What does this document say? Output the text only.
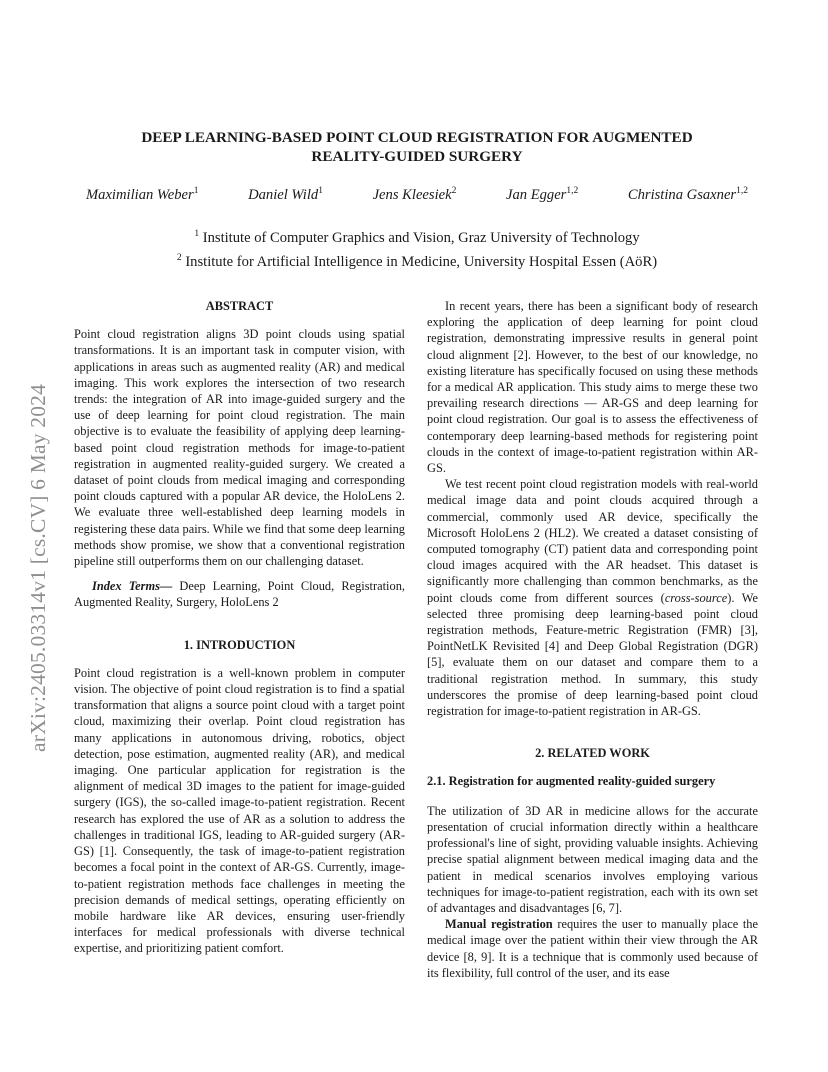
arXiv:2405.03314v1 [cs.CV] 6 May 2024
DEEP LEARNING-BASED POINT CLOUD REGISTRATION FOR AUGMENTED
REALITY-GUIDED SURGERY
Maximilian Weber$^1$	Daniel Wild$^1$	Jens Kleesiek$^2$	Jan Egger$^{1,2}$	Christina Gsaxner$^{1,2}$
$^1$ Institute of Computer Graphics and Vision, Graz University of Technology
$^2$ Institute for Artificial Intelligence in Medicine, University Hospital Essen (AöR)
ABSTRACT

Point cloud registration aligns 3D point clouds using spatial transformations. It is an important task in computer vision, with applications in areas such as augmented reality (AR) and medical imaging. This work explores the intersection of two research trends: the integration of AR into image-guided surgery and the use of deep learning for point cloud registration. The main objective is to evaluate the feasibility of applying deep learning-based point cloud registration methods for image-to-patient registration in augmented reality-guided surgery. We created a dataset of point clouds from medical imaging and corresponding point clouds captured with a popular AR device, the HoloLens 2. We evaluate three well-established deep learning models in registering these data pairs. While we find that some deep learning methods show promise, we show that a conventional registration pipeline still outperforms them on our challenging dataset.

Index Terms— Deep Learning, Point Cloud, Registration, Augmented Reality, Surgery, HoloLens 2

1. INTRODUCTION

Point cloud registration is a well-known problem in computer vision. The objective of point cloud registration is to find a spatial transformation that aligns a source point cloud with a target point cloud, maximizing their overlap. Point cloud registration has many applications in autonomous driving, robotics, object detection, pose estimation, augmented reality (AR), and medical imaging. One particular application for registration is the alignment of medical 3D images to the patient for image-guided surgery (IGS), the so-called image-to-patient registration. Recent research has explored the use of AR as a solution to address the challenges in traditional IGS, leading to AR-guided surgery (AR-GS) [1]. Consequently, the task of image-to-patient registration becomes a focal point in the context of AR-GS. Currently, image-to-patient registration methods face challenges in meeting the precision demands of medical settings, operating efficiently on mobile hardware like AR devices, ensuring user-friendly interfaces for medical professionals with diverse technical expertise, and prioritizing patient comfort.

In recent years, there has been a significant body of research exploring the application of deep learning for point cloud registration, demonstrating impressive results in general point cloud alignment [2]. However, to the best of our knowledge, no existing literature has specifically focused on using these methods for a medical AR application. This study aims to merge these two prevailing research directions — AR-GS and deep learning for point cloud registration. Our goal is to assess the effectiveness of contemporary deep learning-based methods for registering point clouds in the context of image-to-patient registration within AR-GS.

We test recent point cloud registration models with real-world medical image data and point clouds acquired through a commercial, commonly used AR device, specifically the Microsoft HoloLens 2 (HL2). We created a dataset consisting of computed tomography (CT) patient data and corresponding point cloud images acquired with the AR headset. This dataset is significantly more challenging than common benchmarks, as the point clouds come from different sources (cross-source). We selected three promising deep learning-based point cloud registration methods, Feature-metric Registration (FMR) [3], PointNetLK Revisited [4] and Deep Global Registration (DGR) [5], evaluate them on our dataset and compare them to a traditional registration method. In summary, this study underscores the promise of deep learning-based point cloud registration for image-to-patient registration in AR-GS.

2. RELATED WORK
2.1. Registration for augmented reality-guided surgery

The utilization of 3D AR in medicine allows for the accurate presentation of crucial information directly within a healthcare professional's line of sight, providing valuable insights. Achieving precise spatial alignment between medical imaging data and the patient in medical scenarios involves employing various techniques for image-to-patient registration, each with its own set of advantages and disadvantages [6, 7].

Manual registration requires the user to manually place the medical image over the patient within their view through the AR device [8, 9]. It is a technique that is commonly used because of its flexibility, full control of the user, and its ease
